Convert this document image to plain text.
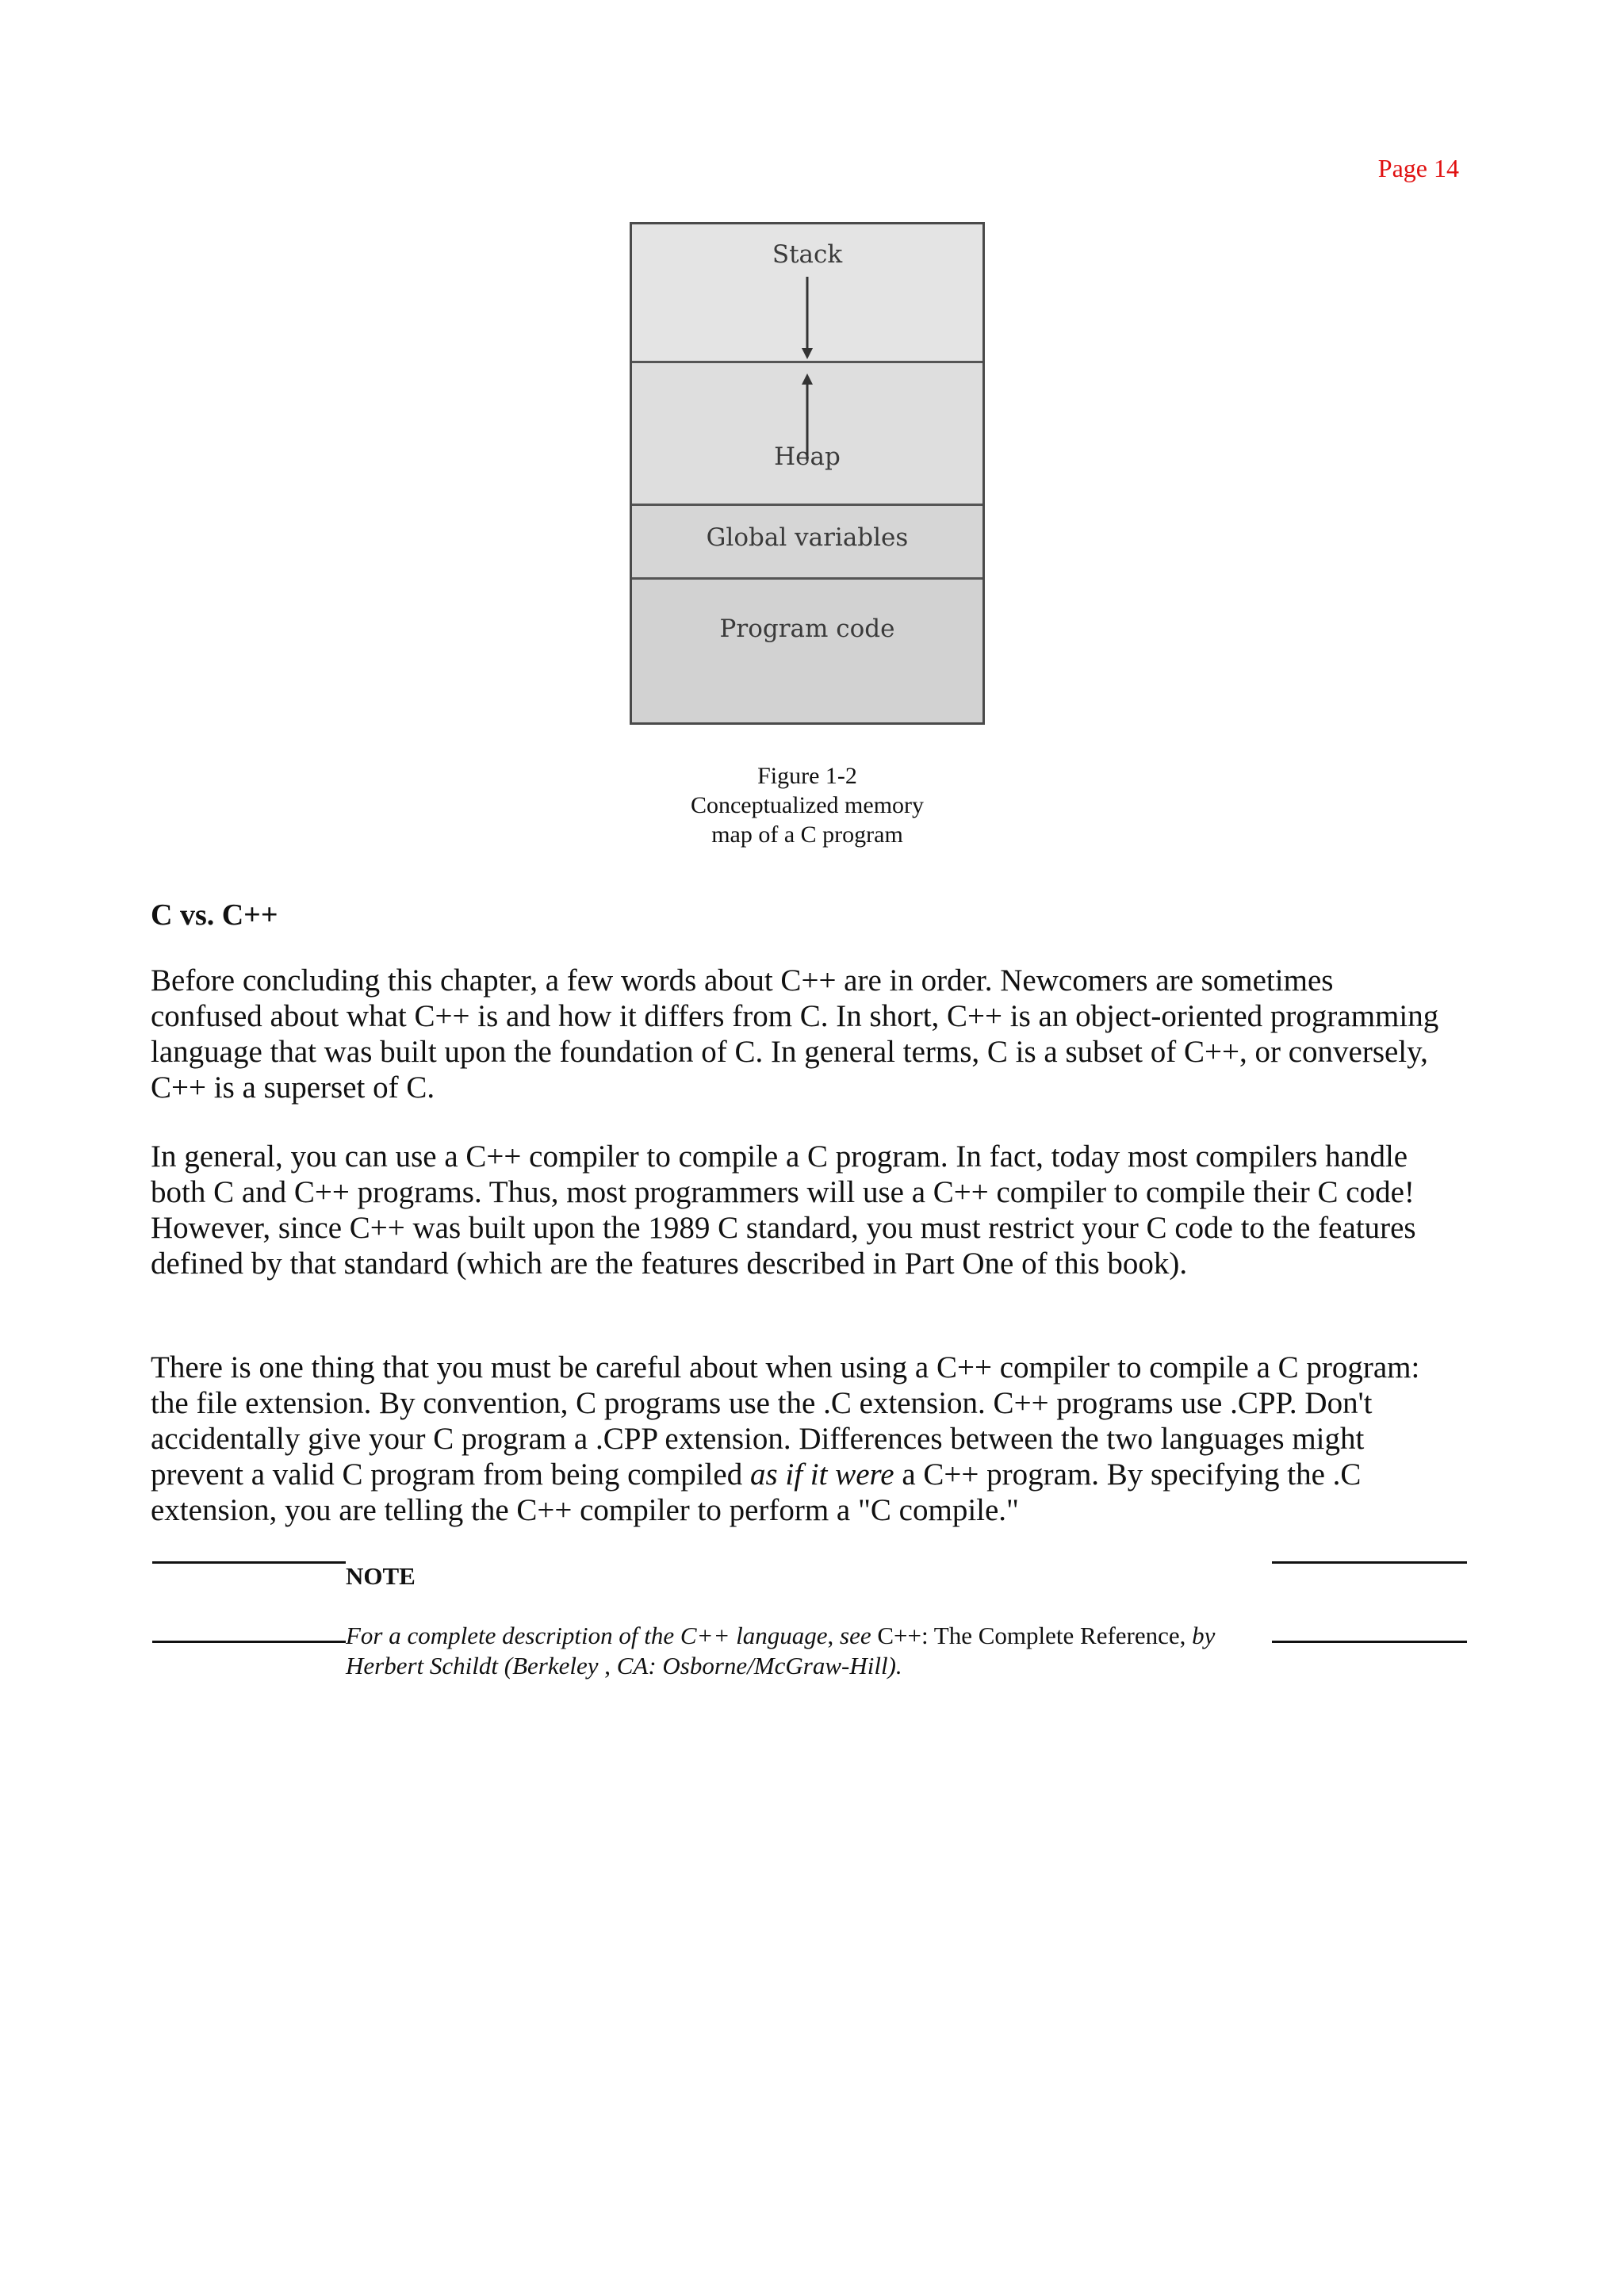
Page 14
Stack
Heap
Global variables
Program code
Figure 1-2
Conceptualized memory
map of a C program
C vs. C++

Before concluding this chapter, a few words about C++ are in order. Newcomers are sometimes confused about what C++ is and how it differs from C. In short, C++ is an object-oriented programming language that was built upon the foundation of C. In general terms, C is a subset of C++, or conversely, C++ is a superset of C.

In general, you can use a C++ compiler to compile a C program. In fact, today most compilers handle both C and C++ programs. Thus, most programmers will use a C++ compiler to compile their C code! However, since C++ was built upon the 1989 C standard, you must restrict your C code to the features defined by that standard (which are the features described in Part One of this book).

There is one thing that you must be careful about when using a C++ compiler to compile a C program: the file extension. By convention, C programs use the .C extension. C++ programs use .CPP. Don't accidentally give your C program a .CPP extension. Differences between the two languages might prevent a valid C program from being compiled as if it were a C++ program. By specifying the .C extension, you are telling the C++ compiler to perform a "C compile."

NOTE
For a complete description of the C++ language, see C++: The Complete Reference, by Herbert Schildt (Berkeley , CA: Osborne/McGraw-Hill).
